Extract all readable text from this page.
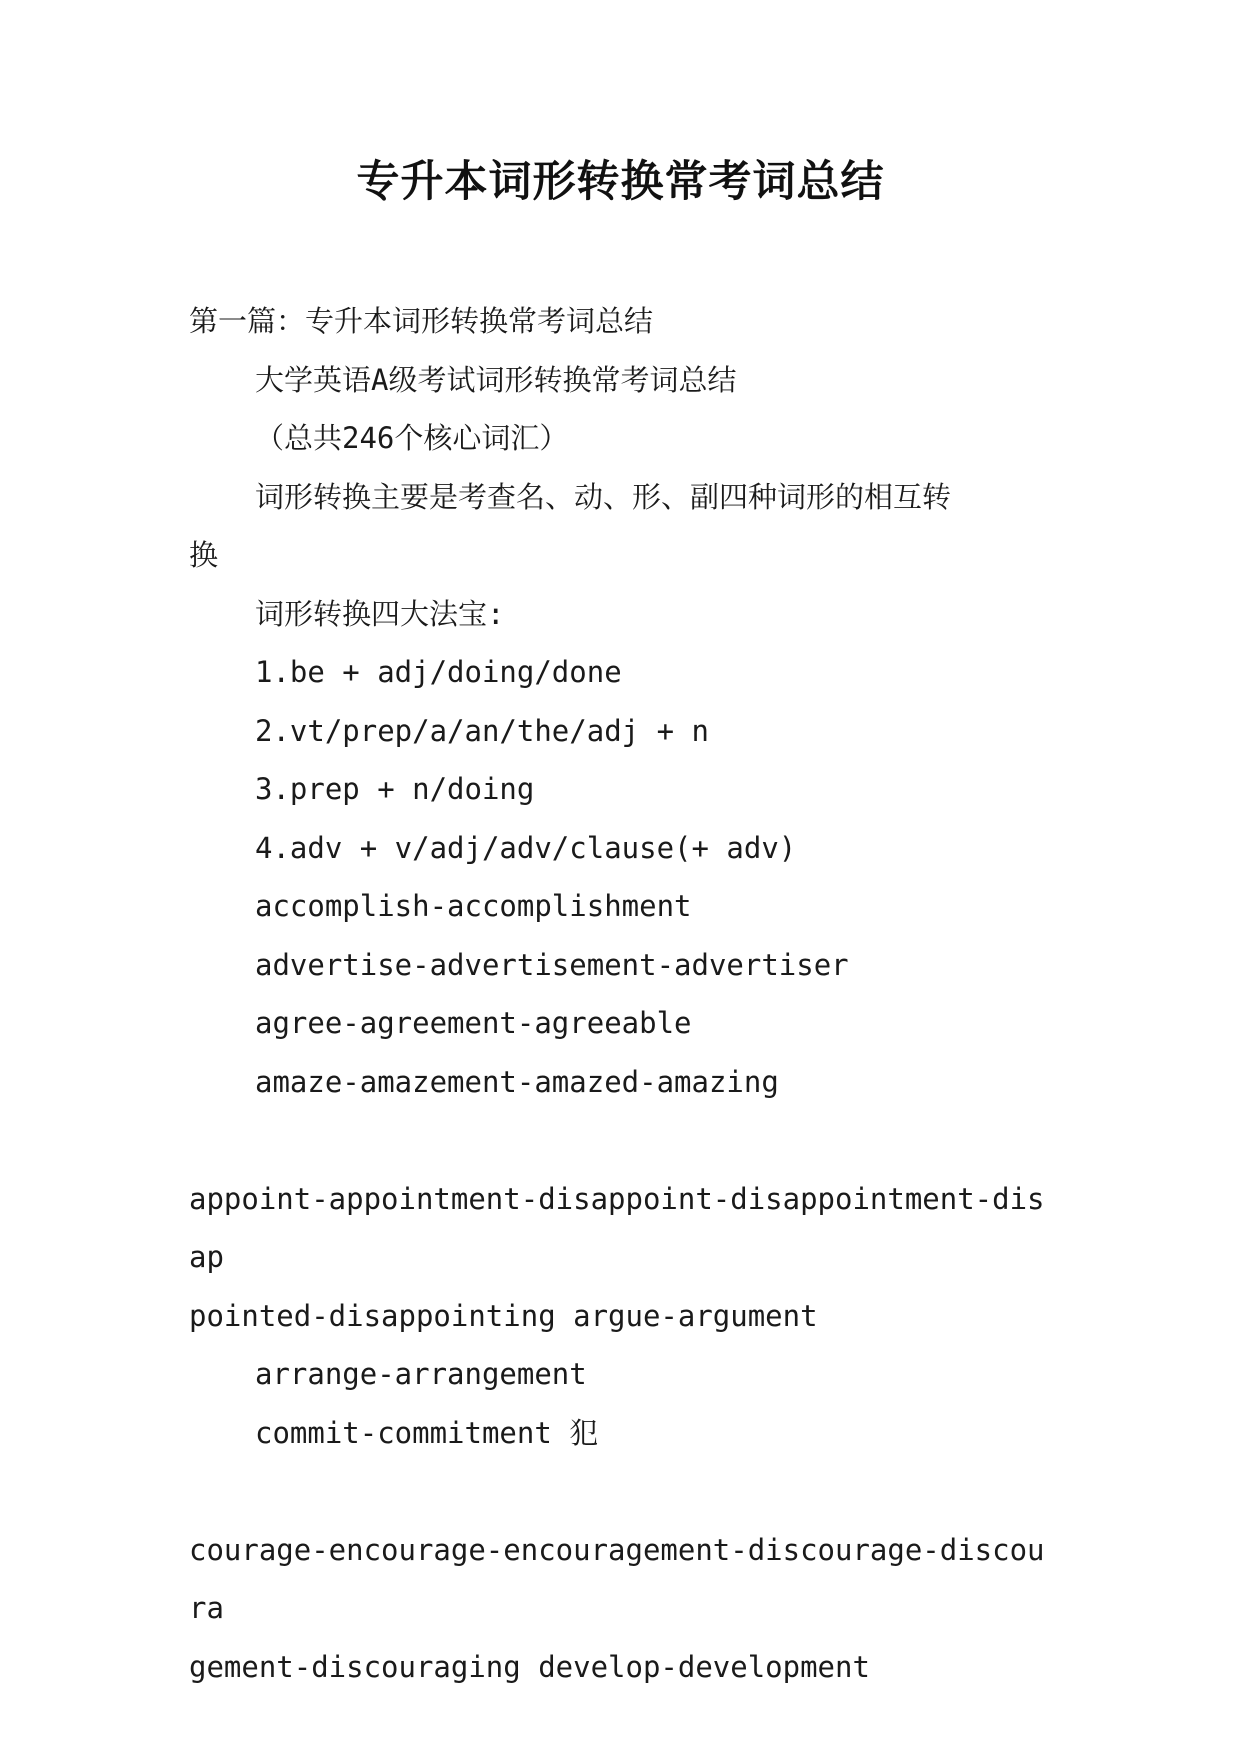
专升本词形转换常考词总结

第一篇：专升本词形转换常考词总结

大学英语A级考试词形转换常考词总结

（总共246个核心词汇）

词形转换主要是考查名、动、形、副四种词形的相互转

换

词形转换四大法宝:

1.be + adj/doing/done

2.vt/prep/a/an/the/adj + n

3.prep + n/doing

4.adv + v/adj/adv/clause(+ adv)

accomplish-accomplishment

advertise-advertisement-advertiser

agree-agreement-agreeable

amaze-amazement-amazed-amazing

appoint-appointment-disappoint-disappointment-disap

pointed-disappointing argue-argument

arrange-arrangement

commit-commitment 犯

courage-encourage-encouragement-discourage-discoura

gement-discouraging develop-development
